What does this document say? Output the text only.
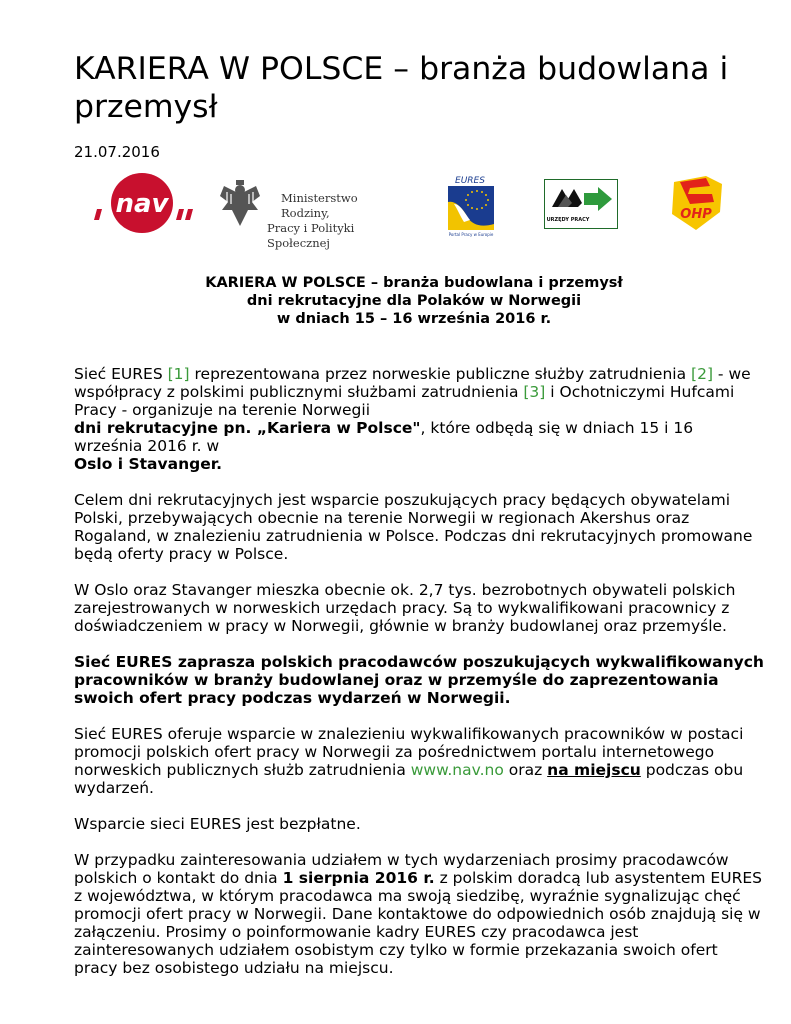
KARIERA W POLSCE – branża budowlana i przemysł
21.07.2016
nav	Ministerstwo Rodziny,
Pracy i Polityki Społecznej
EURES
Portal Pracy w Europie
URZĘDY PRACY	OHP
KARIERA W POLSCE – branża budowlana i przemysł
dni rekrutacyjne dla Polaków w Norwegii
w dniach 15 – 16 września 2016 r.

Sieć EURES [1] reprezentowana przez norweskie publiczne służby zatrudnienia [2] - we współpracy z polskimi publicznymi służbami zatrudnienia [3] i Ochotniczymi Hufcami Pracy - organizuje na terenie Norwegii
dni rekrutacyjne pn. „Kariera w Polsce", które odbędą się w dniach 15 i 16 września 2016 r. w
Oslo i Stavanger.

Celem dni rekrutacyjnych jest wsparcie poszukujących pracy będących obywatelami Polski, przebywających obecnie na terenie Norwegii w regionach Akershus oraz Rogaland, w znalezieniu zatrudnienia w Polsce. Podczas dni rekrutacyjnych promowane będą oferty pracy w Polsce.

W Oslo oraz Stavanger mieszka obecnie ok. 2,7 tys. bezrobotnych obywateli polskich zarejestrowanych w norweskich urzędach pracy. Są to wykwalifikowani pracownicy z doświadczeniem w pracy w Norwegii, głównie w branży budowlanej oraz przemyśle.

Sieć EURES zaprasza polskich pracodawców poszukujących wykwalifikowanych pracowników w branży budowlanej oraz w przemyśle do zaprezentowania swoich ofert pracy podczas wydarzeń w Norwegii.

Sieć EURES oferuje wsparcie w znalezieniu wykwalifikowanych pracowników w postaci promocji polskich ofert pracy w Norwegii za pośrednictwem portalu internetowego norweskich publicznych służb zatrudnienia www.nav.no oraz na miejscu podczas obu wydarzeń.

Wsparcie sieci EURES jest bezpłatne.

W przypadku zainteresowania udziałem w tych wydarzeniach prosimy pracodawców polskich o kontakt do dnia 1 sierpnia 2016 r. z polskim doradcą lub asystentem EURES z województwa, w którym pracodawca ma swoją siedzibę, wyraźnie sygnalizując chęć promocji ofert pracy w Norwegii. Dane kontaktowe do odpowiednich osób znajdują się w załączeniu. Prosimy o poinformowanie kadry EURES czy pracodawca jest zainteresowanych udziałem osobistym czy tylko w formie przekazania swoich ofert pracy bez osobistego udziału na miejscu.
